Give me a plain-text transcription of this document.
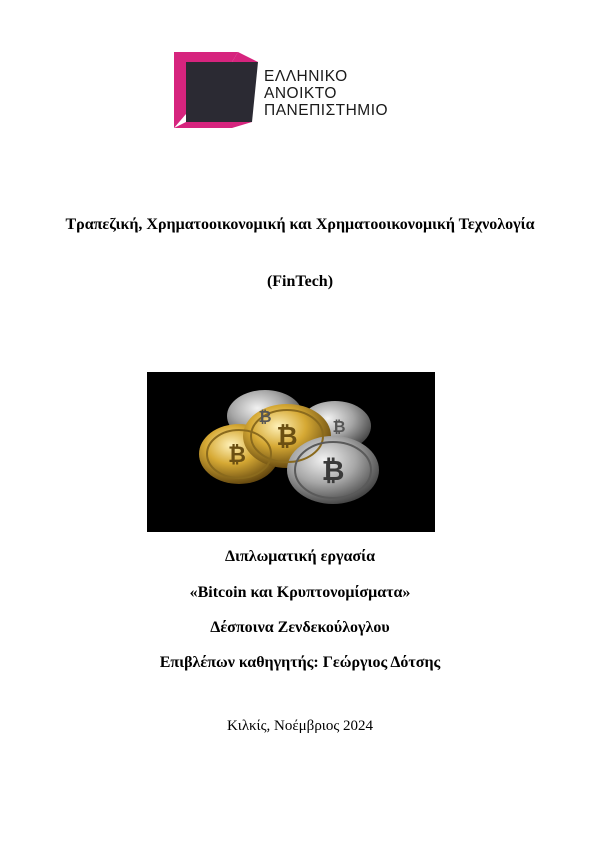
ΕΛΛΗΝΙΚΟ
ΑΝΟΙΚΤΟ
ΠΑΝΕΠΙΣΤΗΜΙΟ
Τραπεζική, Χρηματοοικονομική και Χρηματοοικονομική Τεχνολογία
(FinTech)
₿
₿
₿
₿
₿
Διπλωματική εργασία
«Bitcoin και Κρυπτονομίσματα»
Δέσποινα Ζενδεκούλογλου
Επιβλέπων καθηγητής: Γεώργιος Δότσης
Κιλκίς, Νοέμβριος 2024
